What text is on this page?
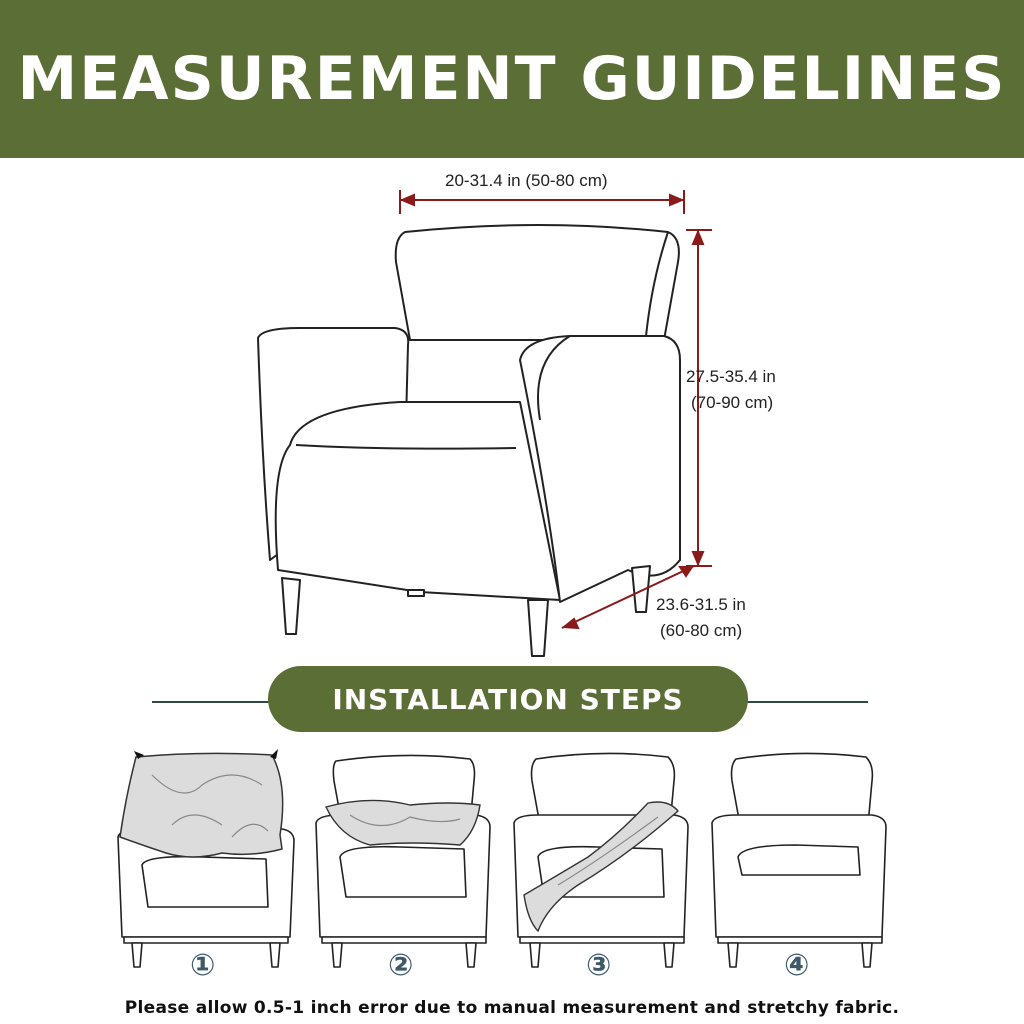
MEASUREMENT GUIDELINES
20-31.4 in (50-80 cm)
27.5-35.4 in
(70-90 cm)
23.6-31.5 in
(60-80 cm)
INSTALLATION STEPS
①	②	③	④
Please allow 0.5-1 inch error due to manual measurement and stretchy fabric.
